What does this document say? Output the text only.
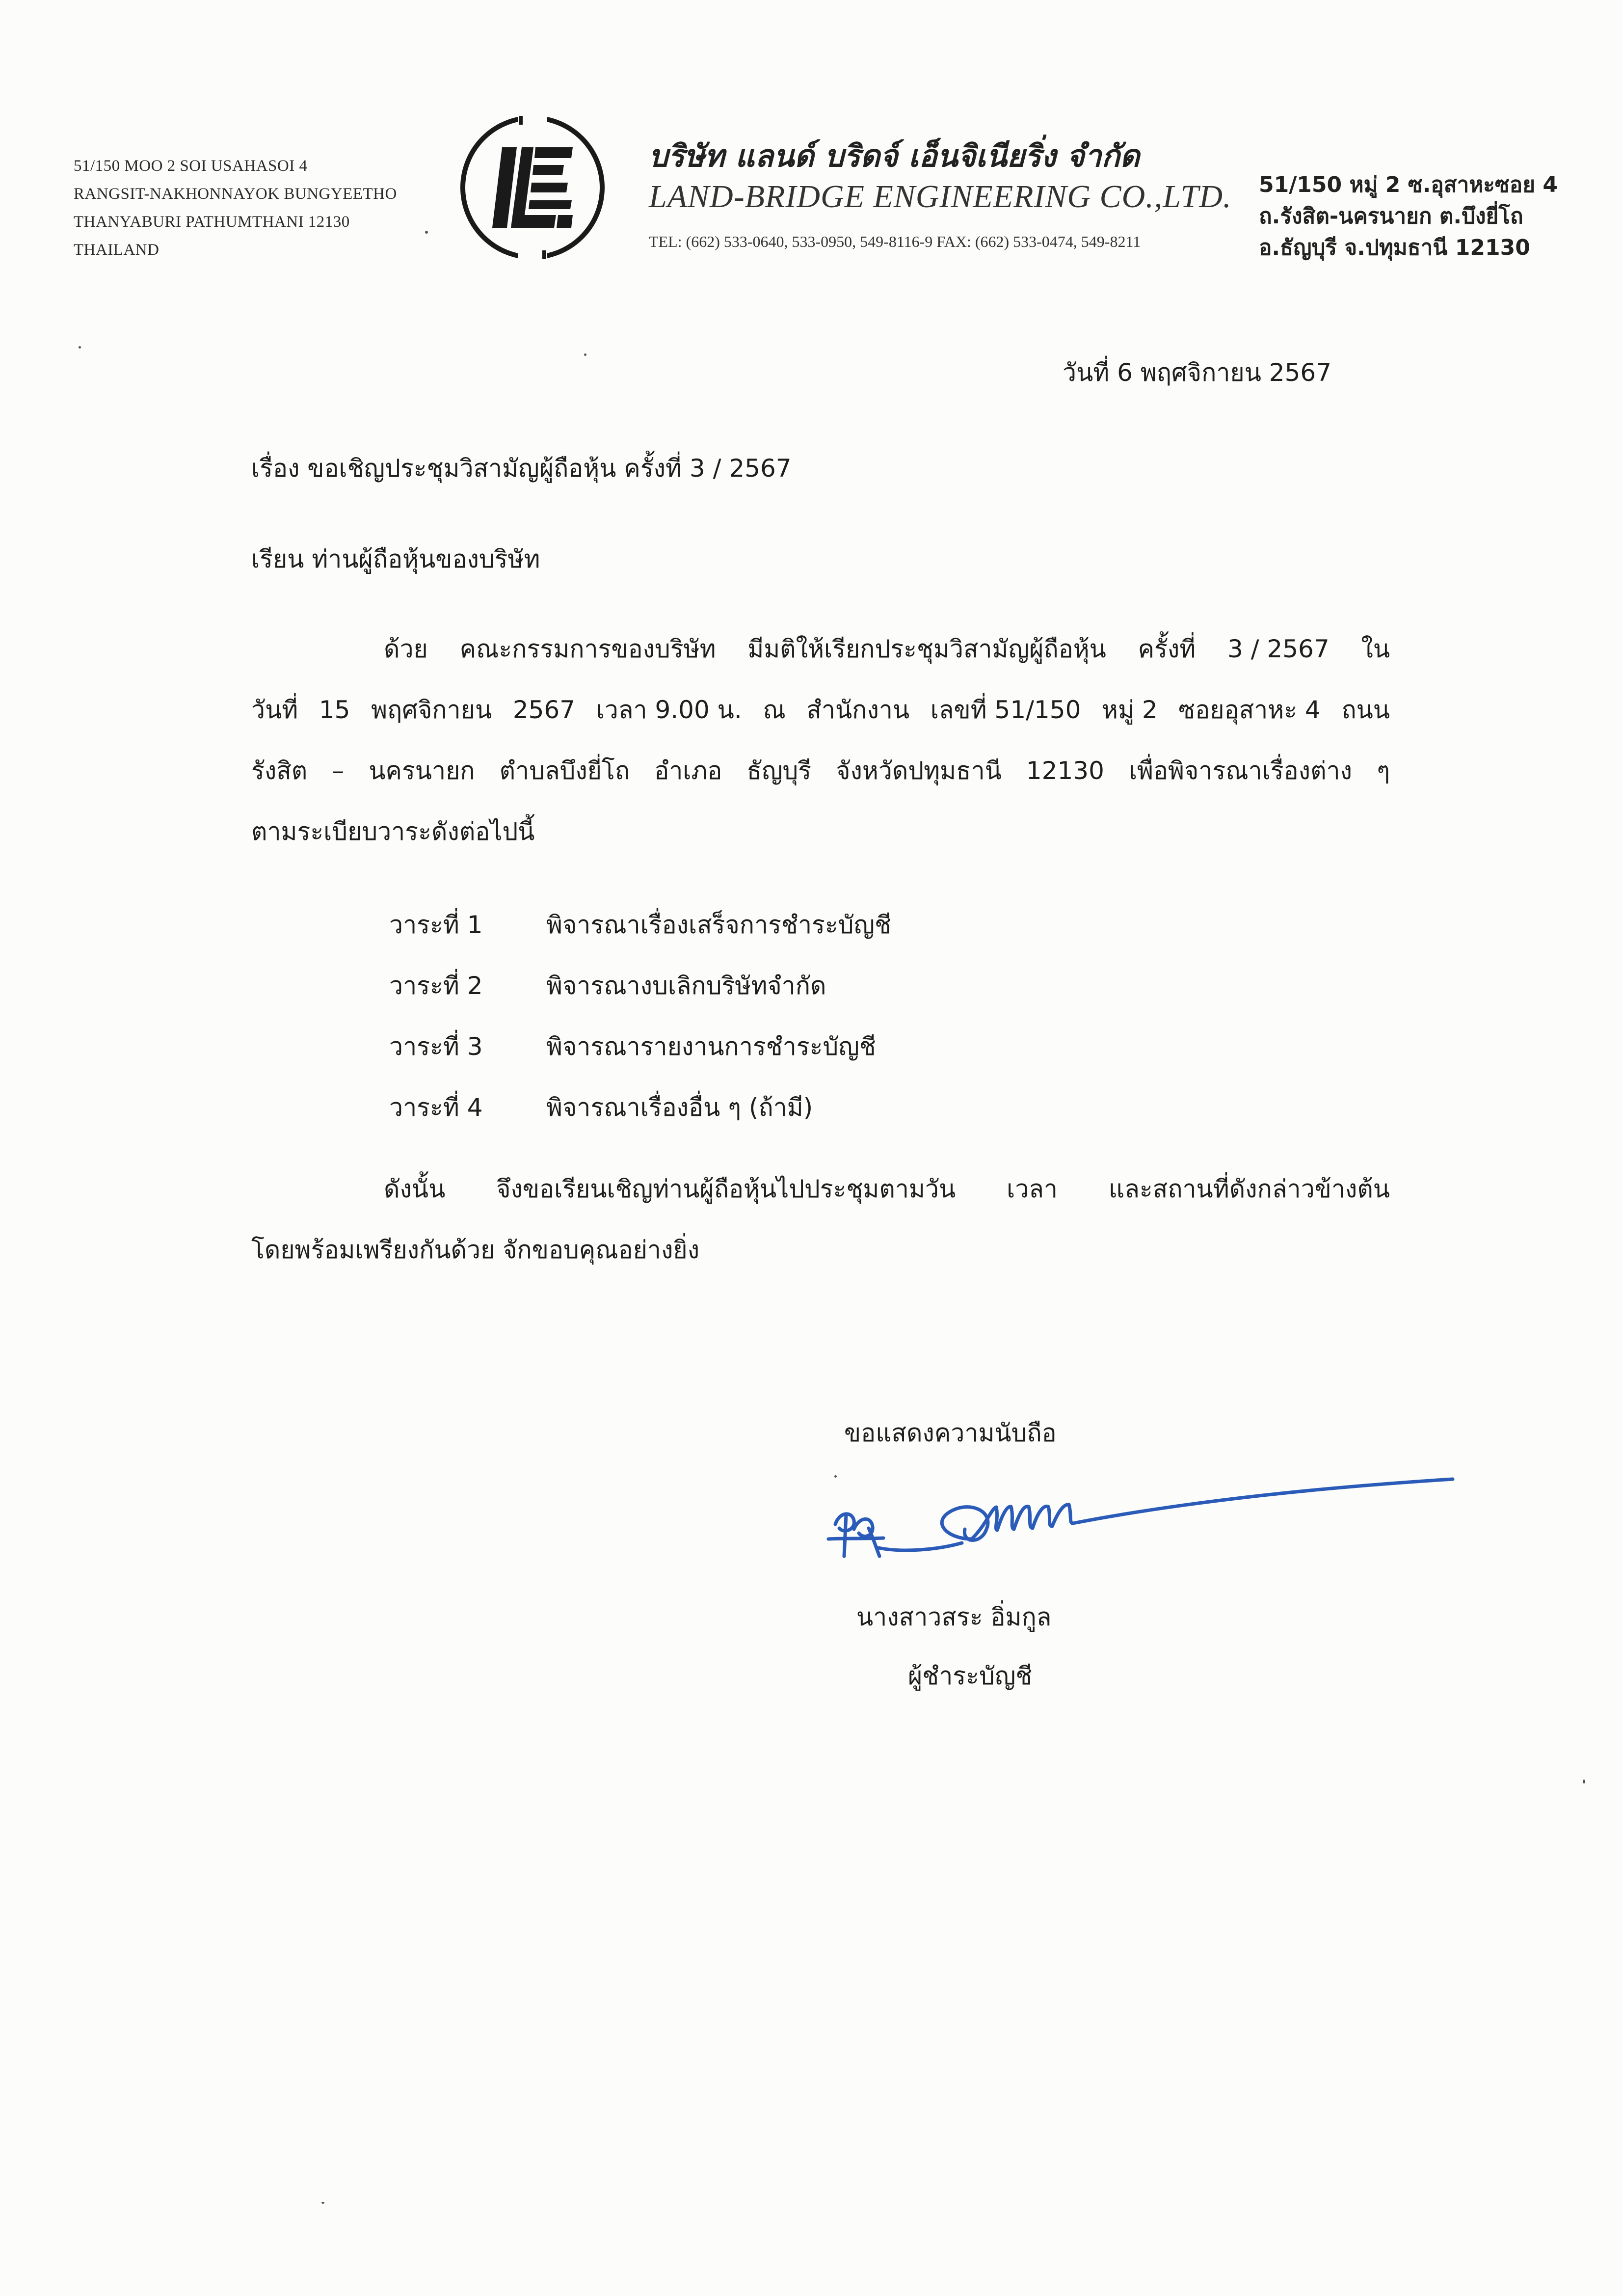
51/150 MOO 2 SOI USAHASOI 4
RANGSIT-NAKHONNAYOK BUNGYEETHO
THANYABURI PATHUMTHANI 12130
THAILAND
บริษัท แลนด์ บริดจ์ เอ็นจิเนียริ่ง จำกัด
LAND-BRIDGE ENGINEERING CO.,LTD.
TEL: (662) 533-0640, 533-0950, 549-8116-9 FAX: (662) 533-0474, 549-8211
51/150 หมู่ 2 ซ.อุสาหะซอย 4
ถ.รังสิต-นครนายก ต.บึงยี่โถ
อ.ธัญบุรี จ.ปทุมธานี 12130
วันที่ 6 พฤศจิกายน 2567
เรื่อง ขอเชิญประชุมวิสามัญผู้ถือหุ้น ครั้งที่ 3 / 2567
เรียน ท่านผู้ถือหุ้นของบริษัท
ด้วย คณะกรรมการของบริษัท มีมติให้เรียกประชุมวิสามัญผู้ถือหุ้น ครั้งที่ 3 / 2567 ใน
วันที่ 15 พฤศจิกายน 2567 เวลา 9.00 น. ณ สำนักงาน เลขที่ 51/150 หมู่ 2 ซอยอุสาหะ 4 ถนน
รังสิต – นครนายก ตำบลบึงยี่โถ อำเภอ ธัญบุรี จังหวัดปทุมธานี 12130 เพื่อพิจารณาเรื่องต่าง ๆ
ตามระเบียบวาระดังต่อไปนี้
วาระที่ 1	พิจารณาเรื่องเสร็จการชำระบัญชี
วาระที่ 2	พิจารณางบเลิกบริษัทจำกัด
วาระที่ 3	พิจารณารายงานการชำระบัญชี
วาระที่ 4	พิจารณาเรื่องอื่น ๆ (ถ้ามี)
ดังนั้น จึงขอเรียนเชิญท่านผู้ถือหุ้นไปประชุมตามวัน เวลา และสถานที่ดังกล่าวข้างต้น
โดยพร้อมเพรียงกันด้วย จักขอบคุณอย่างยิ่ง
ขอแสดงความนับถือ
นางสาวสระ อิ่มกูล
ผู้ชำระบัญชี
